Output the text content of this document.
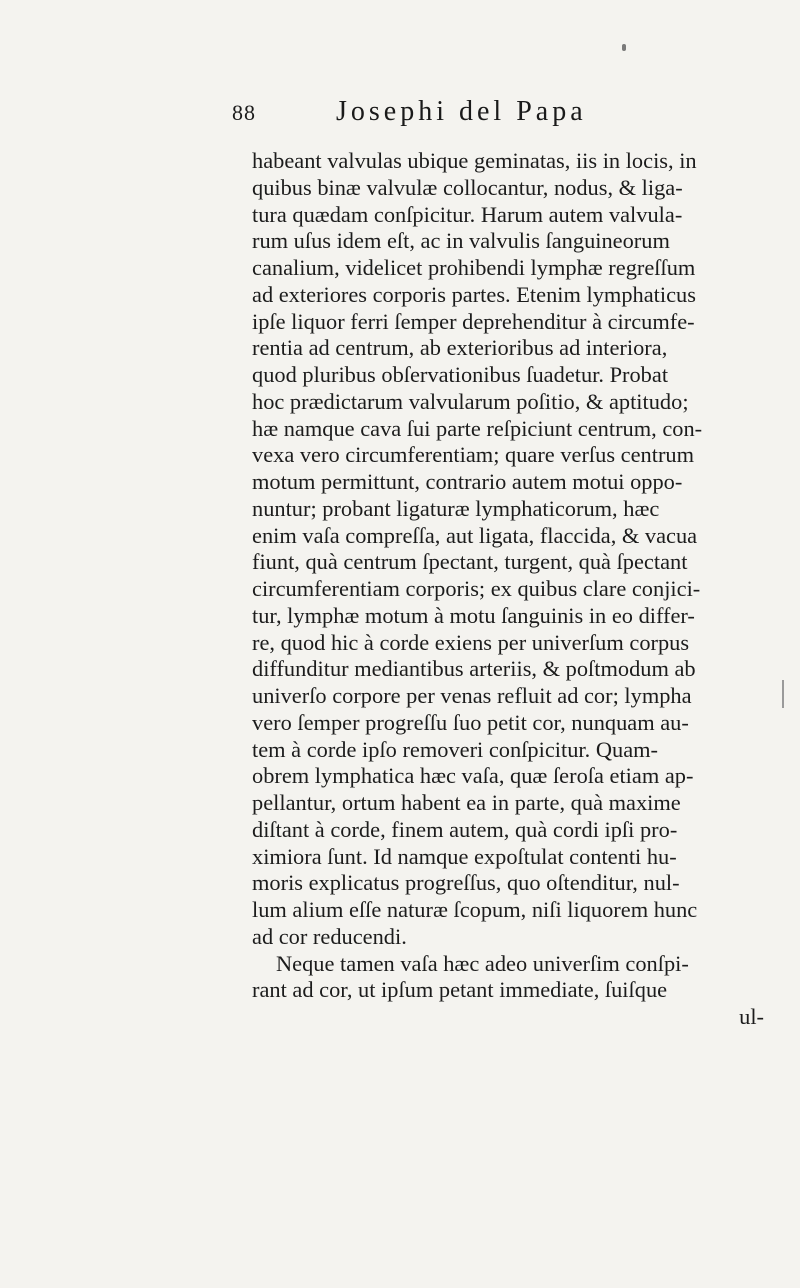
88	Josephi del Papa
habeant valvulas ubique geminatas, iis in locis, in
quibus binæ valvulæ collocantur, nodus, & liga-
tura quædam conſpicitur. Harum autem valvula-
rum uſus idem eſt, ac in valvulis ſanguineorum
canalium, videlicet prohibendi lymphæ regreſſum
ad exteriores corporis partes. Etenim lymphaticus
ipſe liquor ferri ſemper deprehenditur à circumfe-
rentia ad centrum, ab exterioribus ad interiora,
quod pluribus obſervationibus ſuadetur. Probat
hoc prædictarum valvularum poſitio, & aptitudo;
hæ namque cava ſui parte reſpiciunt centrum, con-
vexa vero circumferentiam; quare verſus centrum
motum permittunt, contrario autem motui oppo-
nuntur; probant ligaturæ lymphaticorum, hæc
enim vaſa compreſſa, aut ligata, flaccida, & vacua
fiunt, quà centrum ſpectant, turgent, quà ſpectant
circumferentiam corporis; ex quibus clare conjici-
tur, lymphæ motum à motu ſanguinis in eo differ-
re, quod hic à corde exiens per univerſum corpus
diffunditur mediantibus arteriis, & poſtmodum ab
univerſo corpore per venas refluit ad cor; lympha
vero ſemper progreſſu ſuo petit cor, nunquam au-
tem à corde ipſo removeri conſpicitur. Quam-
obrem lymphatica hæc vaſa, quæ ſeroſa etiam ap-
pellantur, ortum habent ea in parte, quà maxime
diſtant à corde, finem autem, quà cordi ipſi pro-
ximiora ſunt. Id namque expoſtulat contenti hu-
moris explicatus progreſſus, quo oſtenditur, nul-
lum alium eſſe naturæ ſcopum, niſi liquorem hunc
ad cor reducendi.
Neque tamen vaſa hæc adeo univerſim conſpi-
rant ad cor, ut ipſum petant immediate, ſuiſque
ul-
